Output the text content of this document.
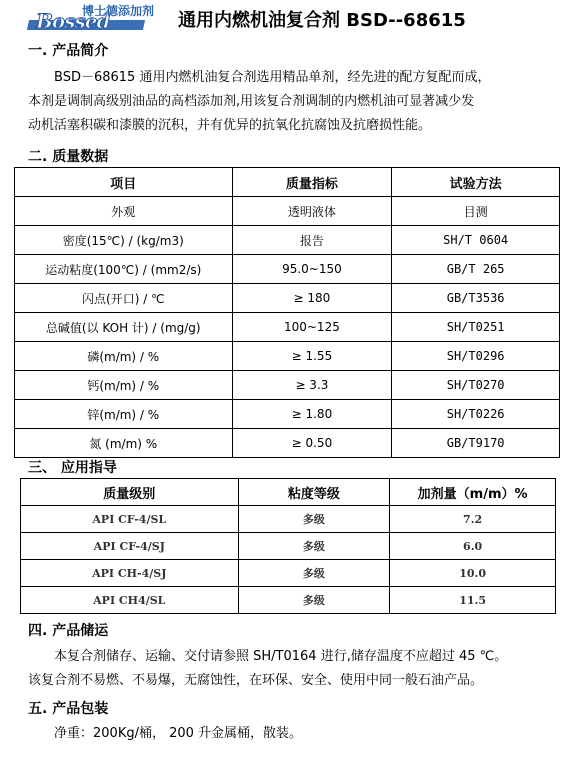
Bossed
博士德添加剂 通用内燃机油复合剂 BSD--68615
一. 产品简介
BSD－68615 通用内燃机油复合剂选用精品单剂，经先进的配方复配而成，
本剂是调制高级别油品的高档添加剂,用该复合剂调制的内燃机油可显著减少发
动机活塞积碳和漆膜的沉积，并有优异的抗氧化抗腐蚀及抗磨损性能。
二. 质量数据
项目	质量指标	试验方法
外观	透明液体	目测
密度(15℃) / (kg/m3)	报告	SH/T 0604
运动粘度(100℃) / (mm2/s)	95.0~150	GB/T 265
闪点(开口) / ℃	≥ 180	GB/T3536
总碱值(以 KOH 计) / (mg/g)	100~125	SH/T0251
磷(m/m) / %	≥ 1.55	SH/T0296
钙(m/m) / %	≥ 3.3	SH/T0270
锌(m/m) / %	≥ 1.80	SH/T0226
氮 (m/m) %	≥ 0.50	GB/T9170
三、 应用指导
质量级别	粘度等级	加剂量（m/m）%
API CF-4/SL	多级	7.2
API CF-4/SJ	多级	6.0
API CH-4/SJ	多级	10.0
API CH4/SL	多级	11.5
四. 产品储运
本复合剂储存、运输、交付请参照 SH/T0164 进行,储存温度不应超过 45 ℃。
该复合剂不易燃、不易爆，无腐蚀性，在环保、安全、使用中同一般石油产品。
五. 产品包装
净重：200Kg/桶， 200 升金属桶，散装。
